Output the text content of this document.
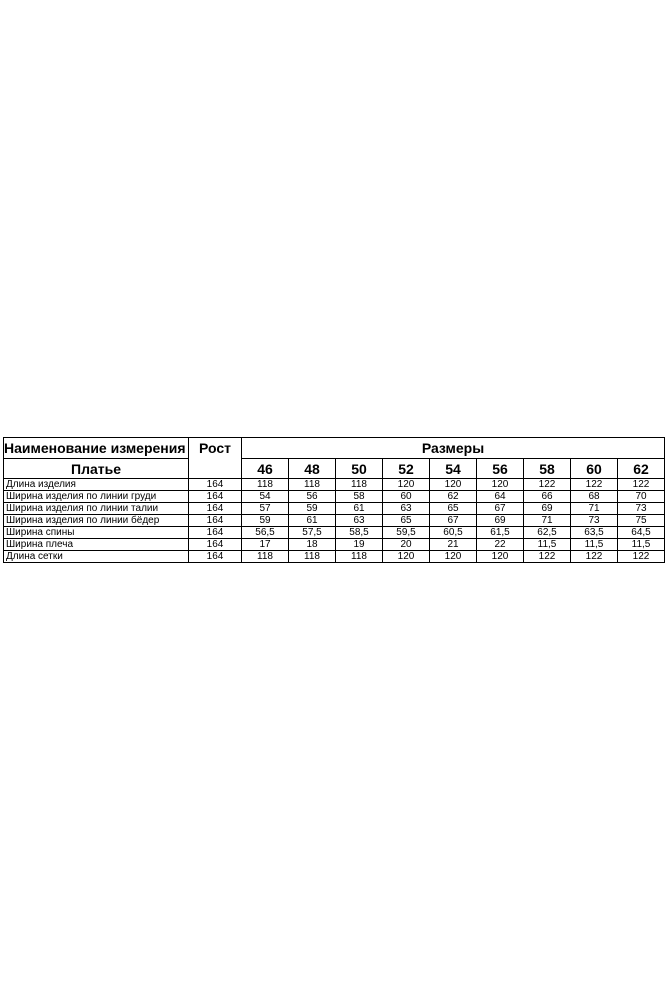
Наименование измерения	Рост	Размеры								
Платье		46	48	50	52	54	56	58	60	62
Длина изделия	164	118	118	118	120	120	120	122	122	122
Ширина изделия по линии груди	164	54	56	58	60	62	64	66	68	70
Ширина изделия по линии талии	164	57	59	61	63	65	67	69	71	73
Ширина изделия по линии бёдер	164	59	61	63	65	67	69	71	73	75
Ширина спины	164	56,5	57,5	58,5	59,5	60,5	61,5	62,5	63,5	64,5
Ширина плеча	164	17	18	19	20	21	22	11,5	11,5	11,5
Длина сетки	164	118	118	118	120	120	120	122	122	122
